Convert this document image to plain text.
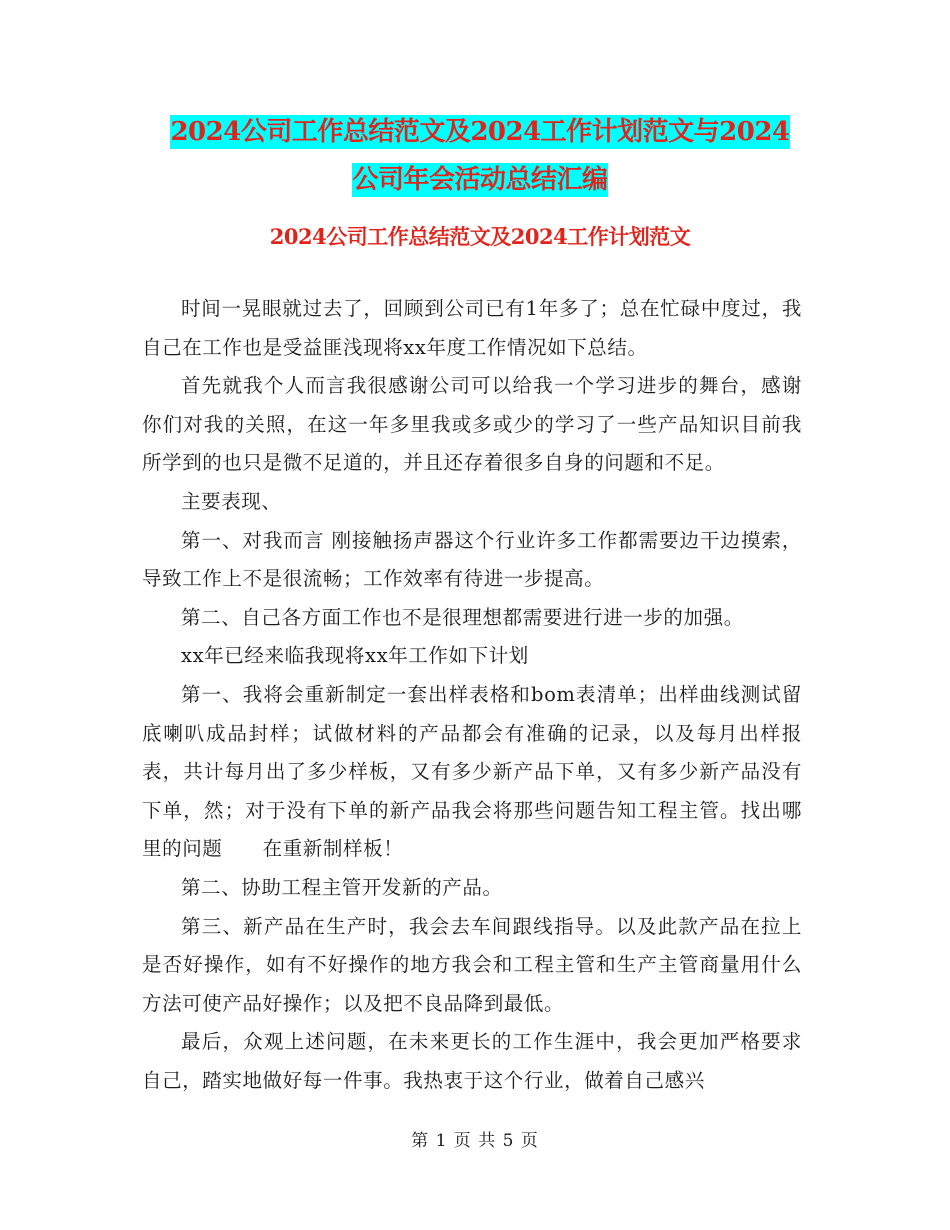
2024公司工作总结范文及2024工作计划范文与2024
公司年会活动总结汇编
2024公司工作总结范文及2024工作计划范文

时间一晃眼就过去了，回顾到公司已有1年多了；总在忙碌中度过，我自己在工作也是受益匪浅现将xx年度工作情况如下总结。

首先就我个人而言我很感谢公司可以给我一个学习进步的舞台，感谢你们对我的关照，在这一年多里我或多或少的学习了一些产品知识目前我所学到的也只是微不足道的，并且还存着很多自身的问题和不足。

主要表现、

第一、对我而言 刚接触扬声器这个行业许多工作都需要边干边摸索，导致工作上不是很流畅；工作效率有待进一步提高。

第二、自己各方面工作也不是很理想都需要进行进一步的加强。

xx年已经来临我现将xx年工作如下计划

第一、我将会重新制定一套出样表格和bom表清单；出样曲线测试留底喇叭成品封样；试做材料的产品都会有准确的记录，以及每月出样报表，共计每月出了多少样板，又有多少新产品下单，又有多少新产品没有下单，然；对于没有下单的新产品我会将那些问题告知工程主管。找出哪里的问题　　在重新制样板！

第二、协助工程主管开发新的产品。

第三、新产品在生产时，我会去车间跟线指导。以及此款产品在拉上是否好操作，如有不好操作的地方我会和工程主管和生产主管商量用什么方法可使产品好操作；以及把不良品降到最低。

最后，众观上述问题，在未来更长的工作生涯中，我会更加严格要求自己，踏实地做好每一件事。我热衷于这个行业，做着自己感兴

第 1 页 共 5 页
